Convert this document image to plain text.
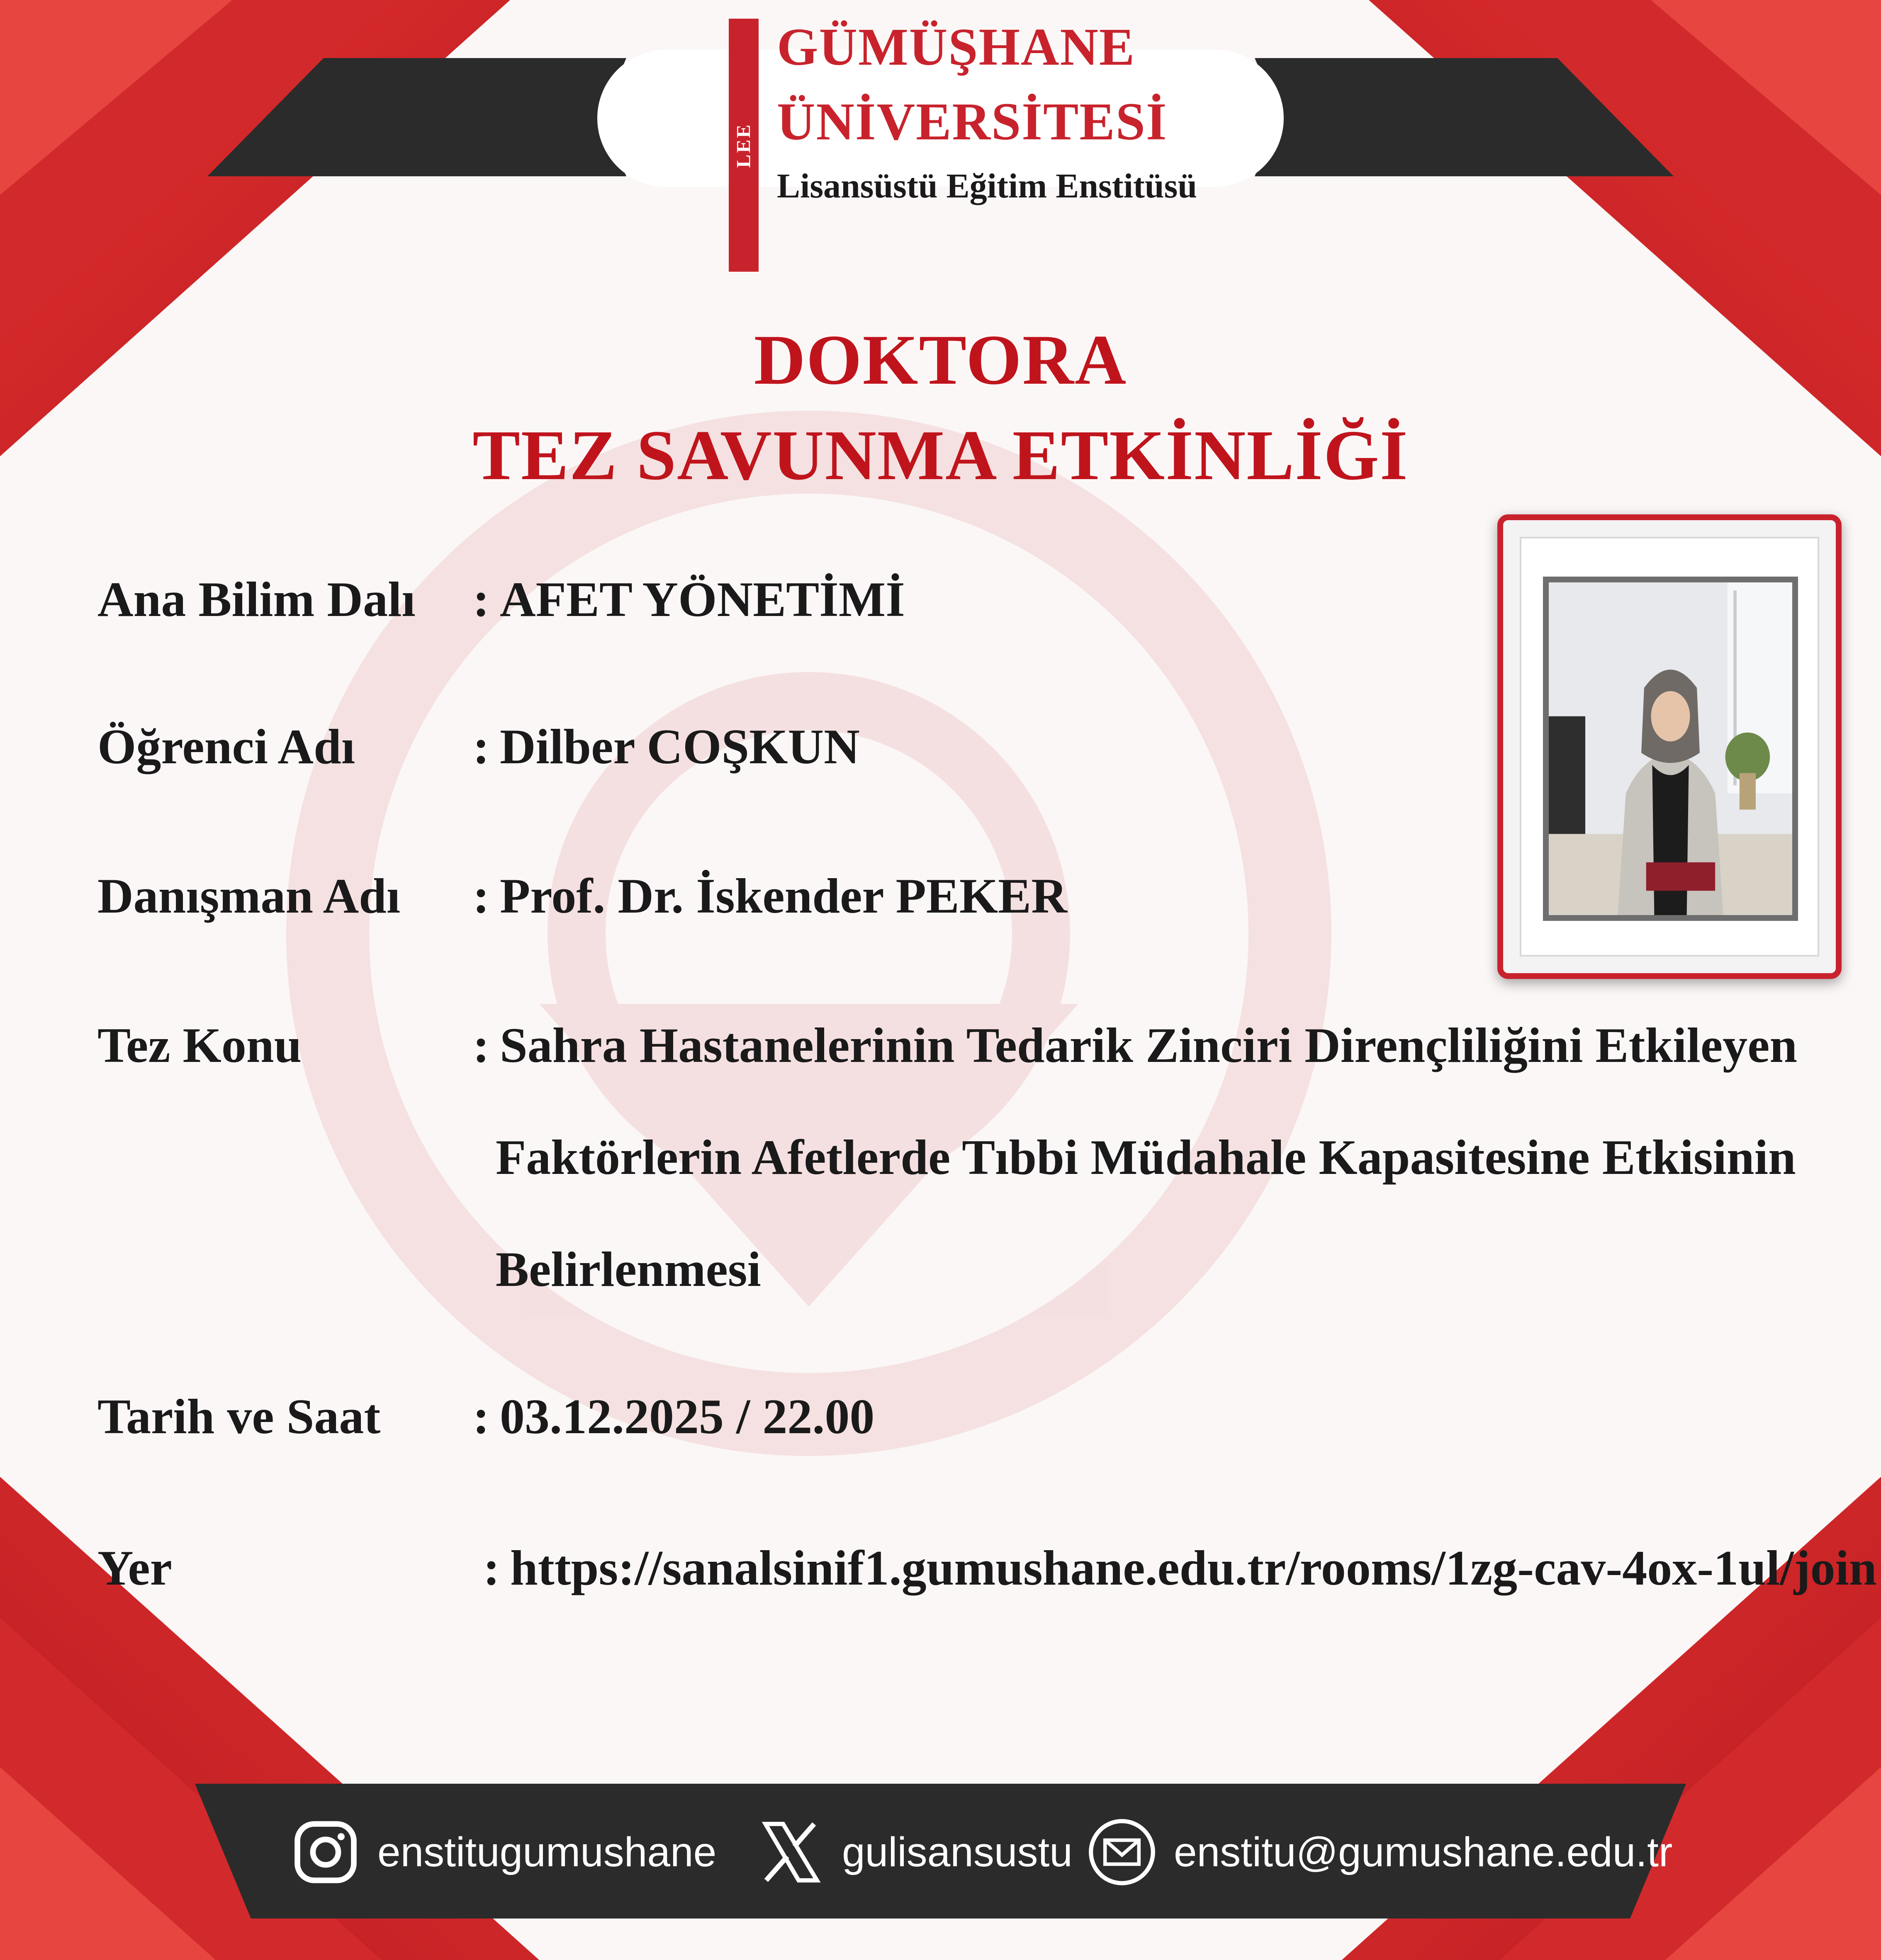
LEE
GÜMÜŞHANE
ÜNİVERSİTESİ
Lisansüstü Eğitim Enstitüsü
DOKTORA
TEZ SAVUNMA ETKİNLİĞİ
Ana Bilim Dalı : AFET YÖNETİMİ
Öğrenci Adı : Dilber COŞKUN
Danışman Adı : Prof. Dr. İskender PEKER
Tez Konu	: Sahra Hastanelerinin Tedarik Zinciri Dirençliliğini Etkileyen
Faktörlerin Afetlerde Tıbbi Müdahale Kapasitesine Etkisinin
Belirlenmesi
Tarih ve Saat : 03.12.2025 / 22.00
Yer	: https://sanalsinif1.gumushane.edu.tr/rooms/1zg-cav-4ox-1ul/join
enstitugumushane	gulisansustu enstitu@gumushane.edu.tr
